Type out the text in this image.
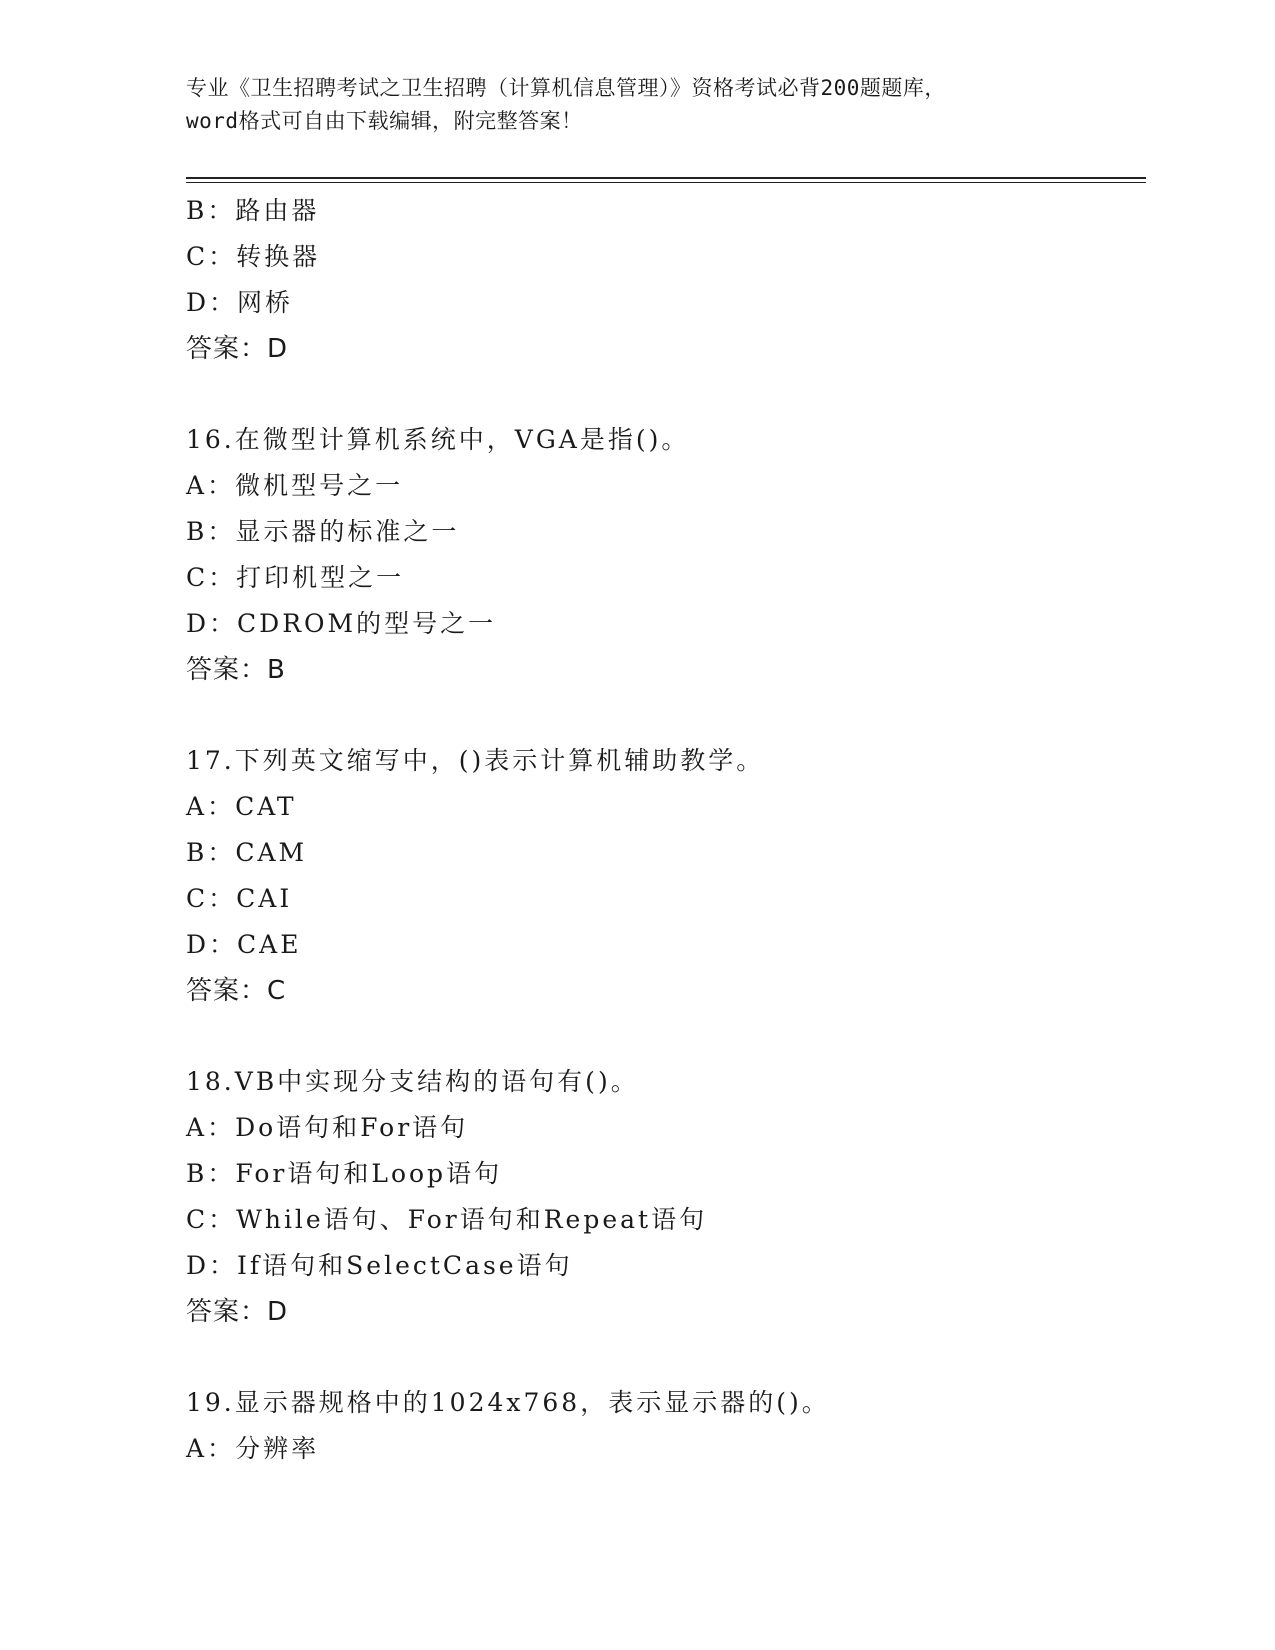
专业《卫生招聘考试之卫生招聘（计算机信息管理）》资格考试必背200题题库，
word格式可自由下载编辑，附完整答案！
B：路由器
C：转换器
D：网桥
答案：D
16.在微型计算机系统中，VGA是指()。
A：微机型号之一
B：显示器的标准之一
C：打印机型之一
D：CDROM的型号之一
答案：B
17.下列英文缩写中，()表示计算机辅助教学。
A：CAT
B：CAM
C：CAI
D：CAE
答案：C
18.VB中实现分支结构的语句有()。
A：Do语句和For语句
B：For语句和Loop语句
C：While语句、For语句和Repeat语句
D：If语句和SelectCase语句
答案：D
19.显示器规格中的1024x768，表示显示器的()。
A：分辨率
